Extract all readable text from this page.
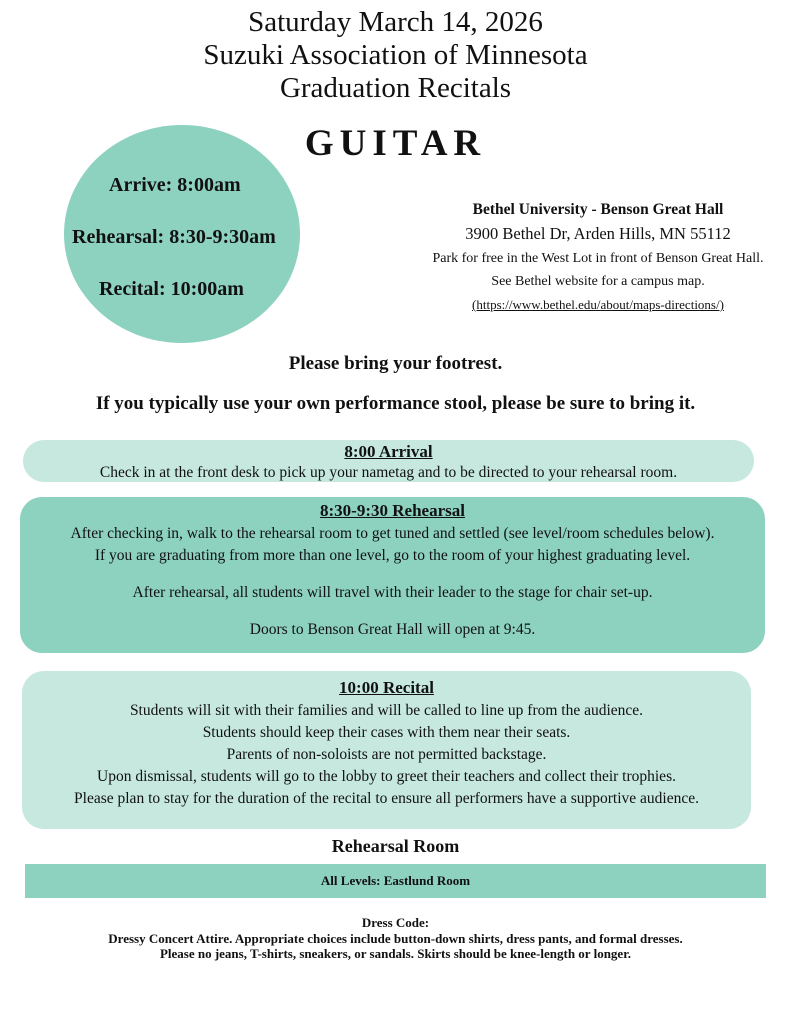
Saturday March 14, 2026
Suzuki Association of Minnesota
Graduation Recitals
GUITAR
Arrive: 8:00am
Rehearsal: 8:30-9:30am
Recital: 10:00am
Bethel University - Benson Great Hall
3900 Bethel Dr, Arden Hills, MN 55112
Park for free in the West Lot in front of Benson Great Hall.
See Bethel website for a campus map.
(https://www.bethel.edu/about/maps-directions/)
Please bring your footrest.
If you typically use your own performance stool, please be sure to bring it.
8:00 Arrival
Check in at the front desk to pick up your nametag and to be directed to your rehearsal room.
8:30-9:30 Rehearsal
After checking in, walk to the rehearsal room to get tuned and settled (see level/room schedules below).
If you are graduating from more than one level, go to the room of your highest graduating level.
After rehearsal, all students will travel with their leader to the stage for chair set-up.
Doors to Benson Great Hall will open at 9:45.
10:00 Recital
Students will sit with their families and will be called to line up from the audience.
Students should keep their cases with them near their seats.
Parents of non-soloists are not permitted backstage.
Upon dismissal, students will go to the lobby to greet their teachers and collect their trophies.
Please plan to stay for the duration of the recital to ensure all performers have a supportive audience.
Rehearsal Room
All Levels: Eastlund Room
Dress Code:
Dressy Concert Attire. Appropriate choices include button-down shirts, dress pants, and formal dresses.
Please no jeans, T-shirts, sneakers, or sandals. Skirts should be knee-length or longer.
